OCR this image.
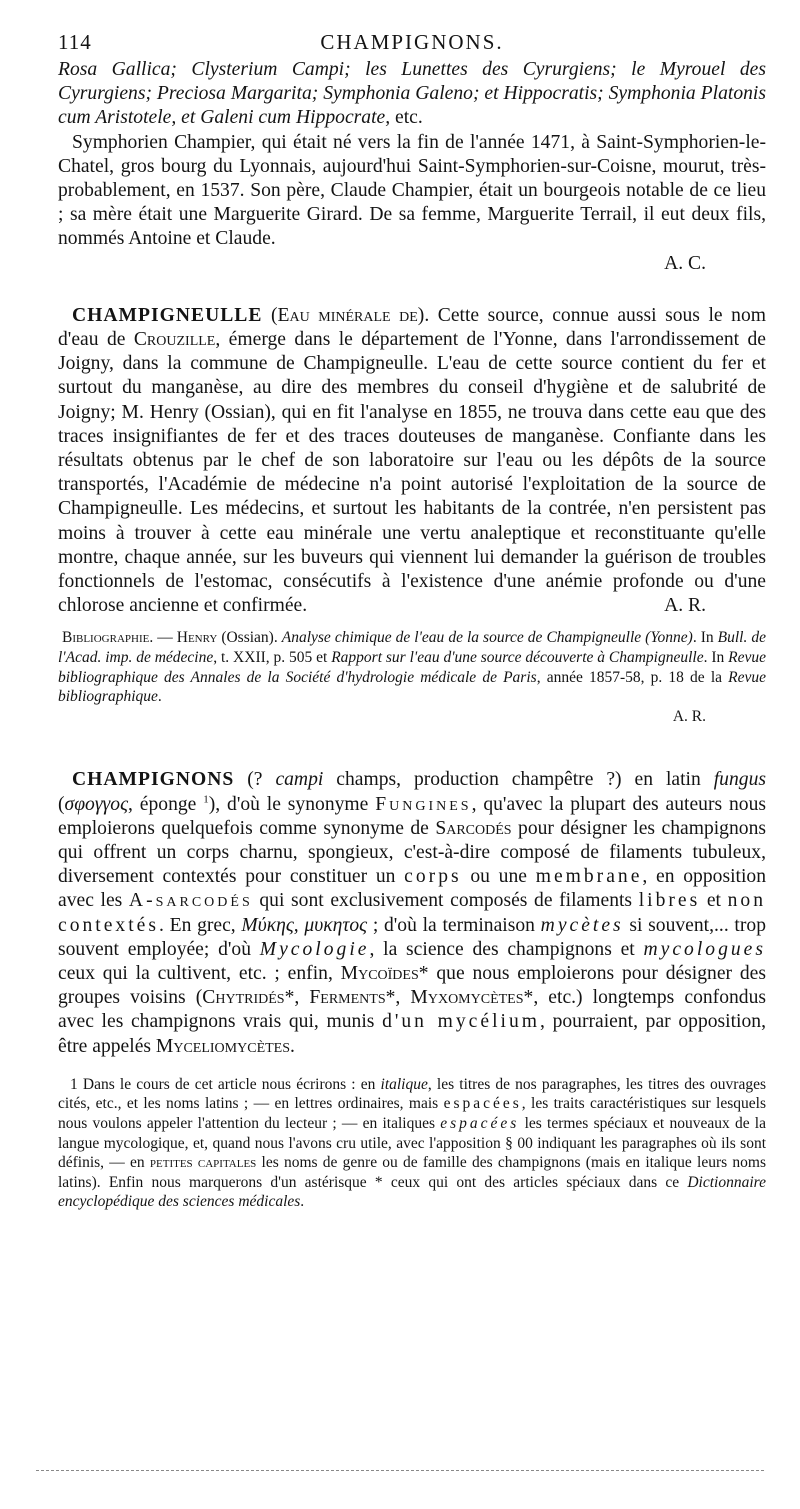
114	CHAMPIGNONS.

Rosa Gallica; Clysterium Campi; les Lunettes des Cyrurgiens; le Myrouel des Cyrurgiens; Preciosa Margarita; Symphonia Galeno; et Hippocratis; Symphonia Platonis cum Aristotele, et Galeni cum Hippocrate, etc.

Symphorien Champier, qui était né vers la fin de l'année 1471, à Saint-Symphorien-le-Chatel, gros bourg du Lyonnais, aujourd'hui Saint-Symphorien-sur-Coisne, mourut, très-probablement, en 1537. Son père, Claude Champier, était un bourgeois notable de ce lieu ; sa mère était une Marguerite Girard. De sa femme, Marguerite Terrail, il eut deux fils, nommés Antoine et Claude.

A. C.

CHAMPIGNEULLE (Eau minérale de). Cette source, connue aussi sous le nom d'eau de Crouzille, émerge dans le département de l'Yonne, dans l'arrondissement de Joigny, dans la commune de Champigneulle. L'eau de cette source contient du fer et surtout du manganèse, au dire des membres du conseil d'hygiène et de salubrité de Joigny; M. Henry (Ossian), qui en fit l'analyse en 1855, ne trouva dans cette eau que des traces insignifiantes de fer et des traces douteuses de manganèse. Confiante dans les résultats obtenus par le chef de son laboratoire sur l'eau ou les dépôts de la source transportés, l'Académie de médecine n'a point autorisé l'exploitation de la source de Champigneulle. Les médecins, et surtout les habitants de la contrée, n'en persistent pas moins à trouver à cette eau minérale une vertu analeptique et reconstituante qu'elle montre, chaque année, sur les buveurs qui viennent lui demander la guérison de troubles fonctionnels de l'estomac, consécutifs à l'existence d'une anémie profonde ou d'une chlorose ancienne et confirmée.	A. R.

Bibliographie. — Henry (Ossian). Analyse chimique de l'eau de la source de Champigneulle (Yonne). In Bull. de l'Acad. imp. de médecine, t. XXII, p. 505 et Rapport sur l'eau d'une source découverte à Champigneulle. In Revue bibliographique des Annales de la Société d'hydrologie médicale de Paris, année 1857-58, p. 18 de la Revue bibliographique.

A. R.

CHAMPIGNONS (? campi champs, production champêtre ?) en latin fungus (σφογγος, éponge $^1$), d'où le synonyme Fungines, qu'avec la plupart des auteurs nous emploierons quelquefois comme synonyme de Sarcodés pour désigner les champignons qui offrent un corps charnu, spongieux, c'est-à-dire composé de filaments tubuleux, diversement contextés pour constituer un corps ou une membrane, en opposition avec les A-sarcodés qui sont exclusivement composés de filaments libres et non contextés. En grec, Μύκης, μυκητος ; d'où la terminaison mycètes si souvent,... trop souvent employée; d'où Mycologie, la science des champignons et mycologues ceux qui la cultivent, etc. ; enfin, Mycoïdes* que nous emploierons pour désigner des groupes voisins (Chytridés*, Ferments*, Myxomycètes*, etc.) longtemps confondus avec les champignons vrais qui, munis d'un mycélium, pourraient, par opposition, être appelés Myceliomycètes.

1 Dans le cours de cet article nous écrirons : en italique, les titres de nos paragraphes, les titres des ouvrages cités, etc., et les noms latins ; — en lettres ordinaires, mais espacées, les traits caractéristiques sur lesquels nous voulons appeler l'attention du lecteur ; — en italiques espacées les termes spéciaux et nouveaux de la langue mycologique, et, quand nous l'avons cru utile, avec l'apposition § 00 indiquant les paragraphes où ils sont définis, — en petites capitales les noms de genre ou de famille des champignons (mais en italique leurs noms latins). Enfin nous marquerons d'un astérisque * ceux qui ont des articles spéciaux dans ce Dictionnaire encyclopédique des sciences médicales.
